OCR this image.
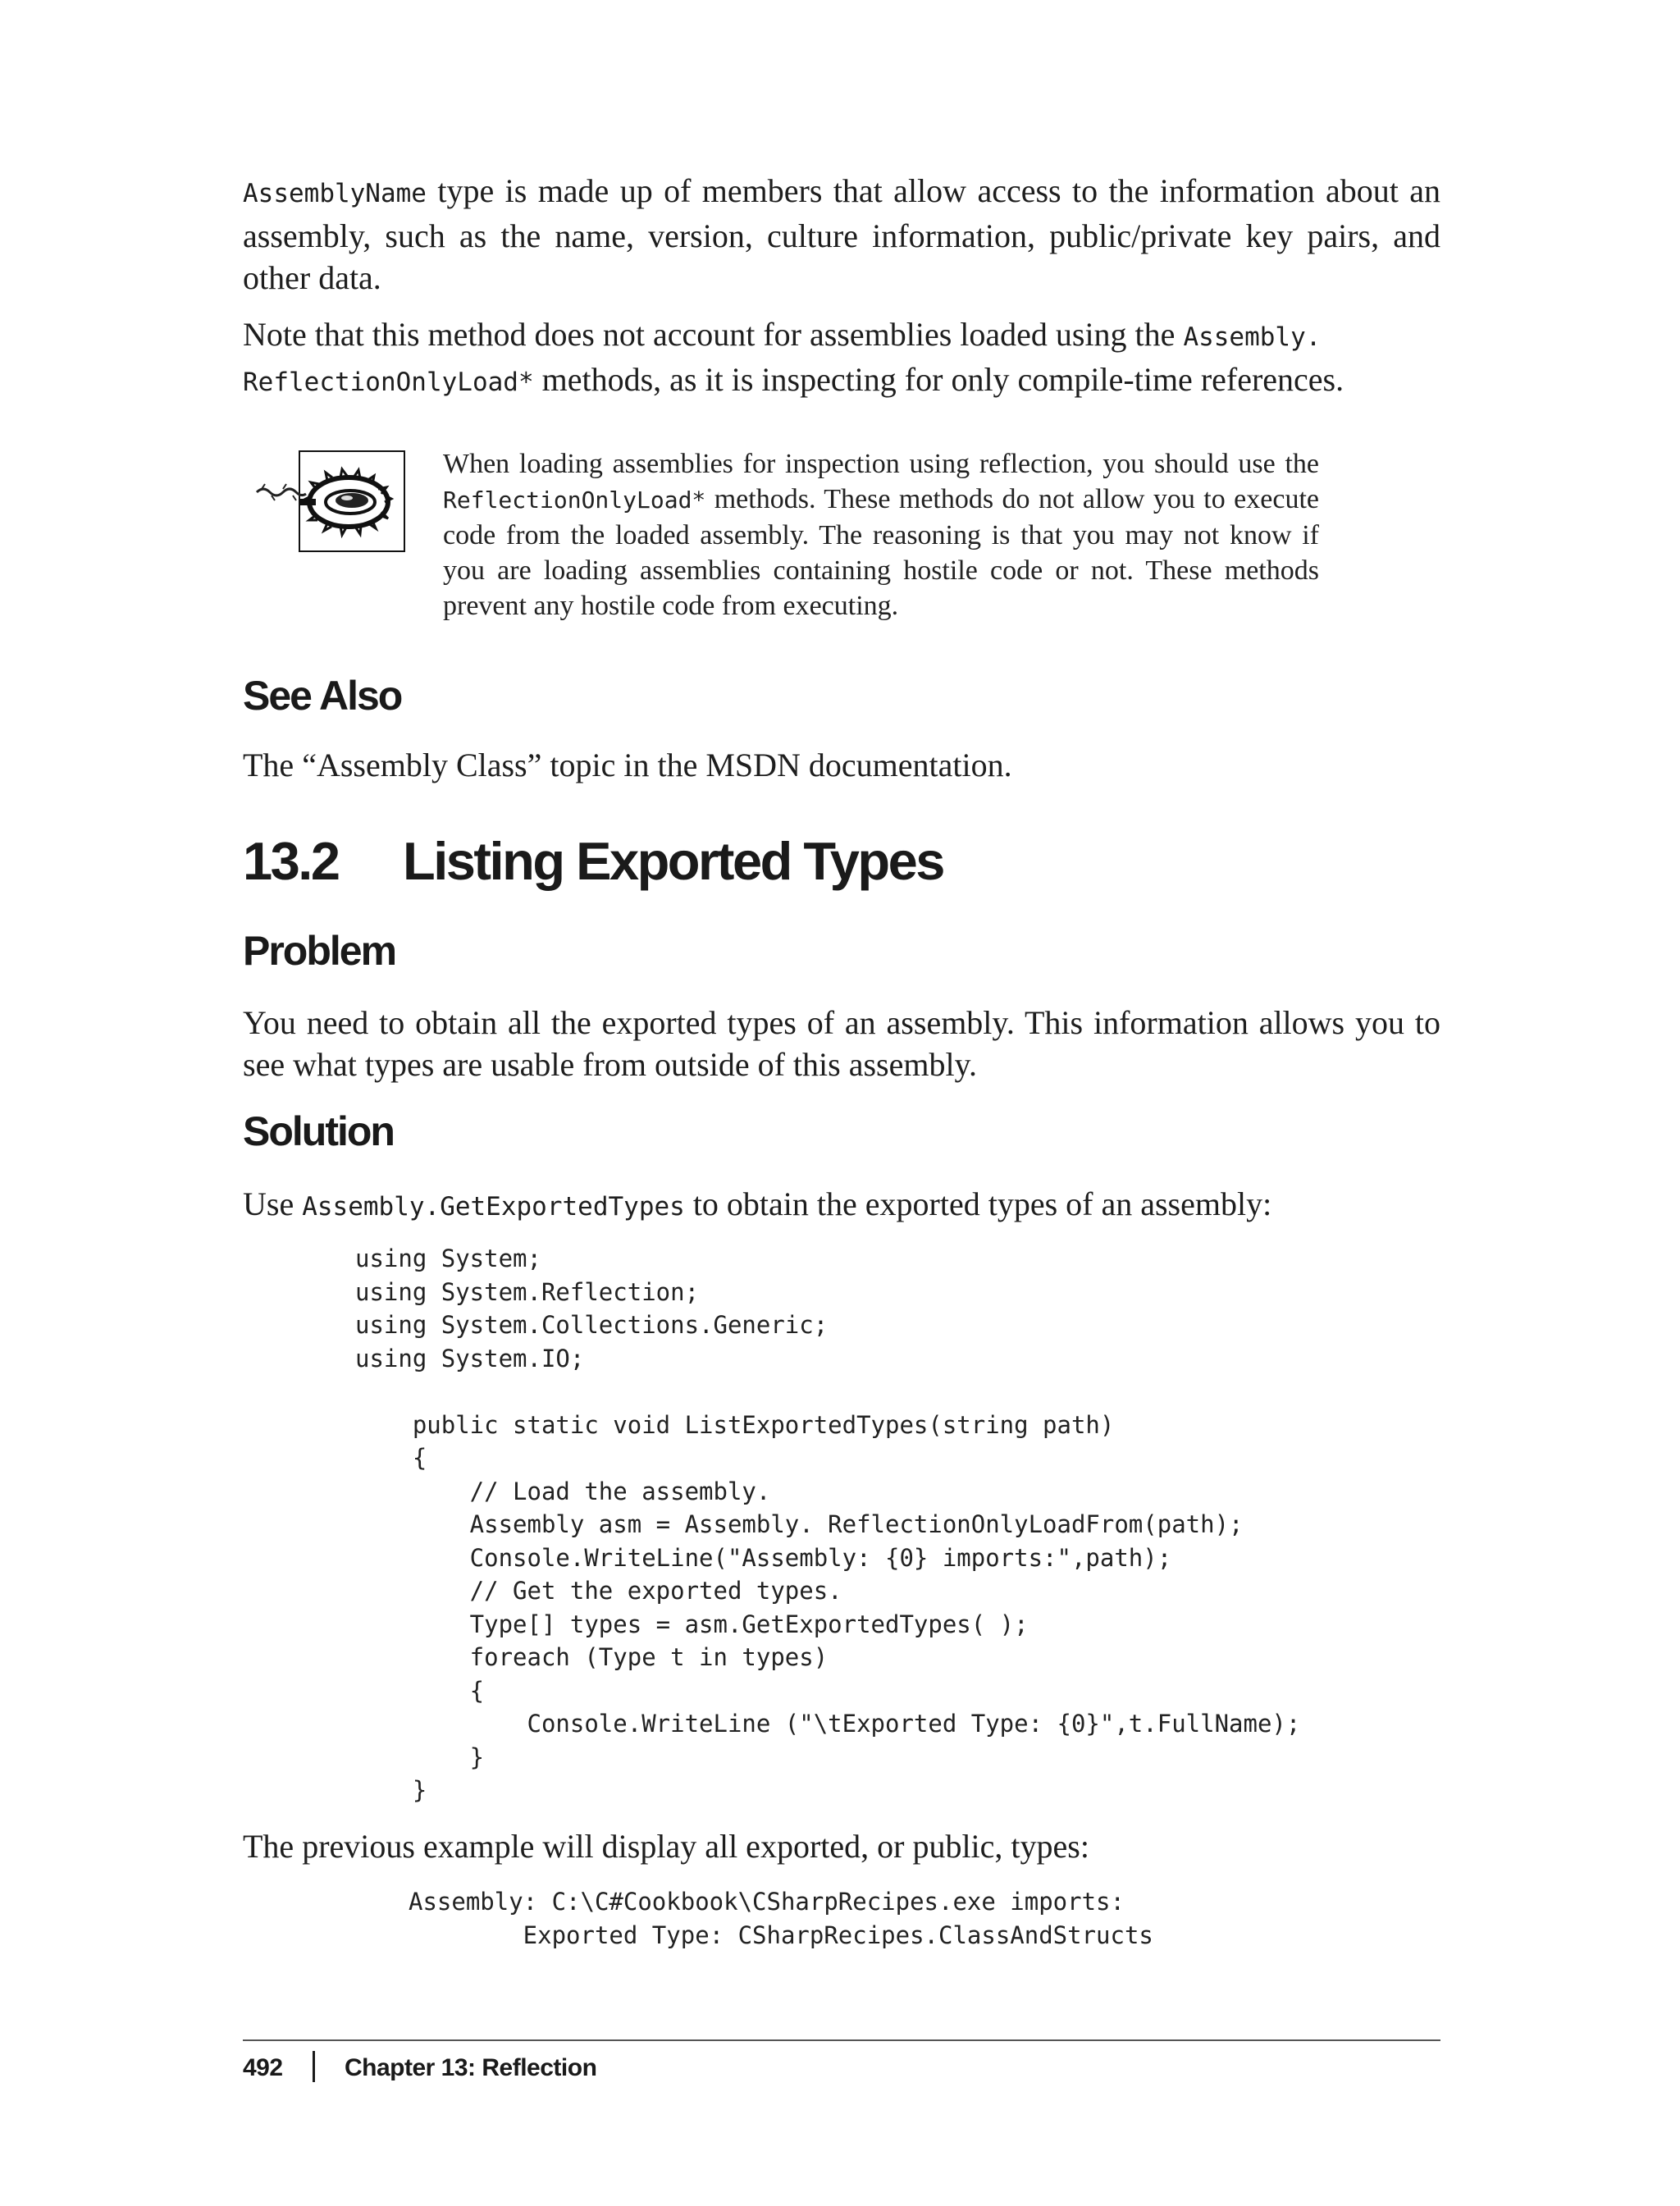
AssemblyName type is made up of members that allow access to the information about an assembly, such as the name, version, culture information, public/private key pairs, and other data.

Note that this method does not account for assemblies loaded using the Assembly.
ReflectionOnlyLoad* methods, as it is inspecting for only compile-time references.

When loading assemblies for inspection using reflection, you should use the ReflectionOnlyLoad* methods. These methods do not allow you to execute code from the loaded assembly. The reasoning is that you may not know if you are loading assemblies containing hostile code or not. These methods prevent any hostile code from executing.

See Also

The “Assembly Class” topic in the MSDN documentation.

13.2 Listing Exported Types
Problem

You need to obtain all the exported types of an assembly. This information allows you to see what types are usable from outside of this assembly.

Solution

Use Assembly.GetExportedTypes to obtain the exported types of an assembly:

using System;
using System.Reflection;
using System.Collections.Generic;
using System.IO;

public static void ListExportedTypes(string path)
{
// Load the assembly.
Assembly asm = Assembly. ReflectionOnlyLoadFrom(path);
Console.WriteLine("Assembly: {0} imports:",path);
// Get the exported types.
Type[] types = asm.GetExportedTypes( );
foreach (Type t in types)
{
Console.WriteLine ("\tExported Type: {0}",t.FullName);
}
}

The previous example will display all exported, or public, types:

Assembly: C:\C#Cookbook\CSharpRecipes.exe imports:
Exported Type: CSharpRecipes.ClassAndStructs
492	Chapter 13: Reflection
